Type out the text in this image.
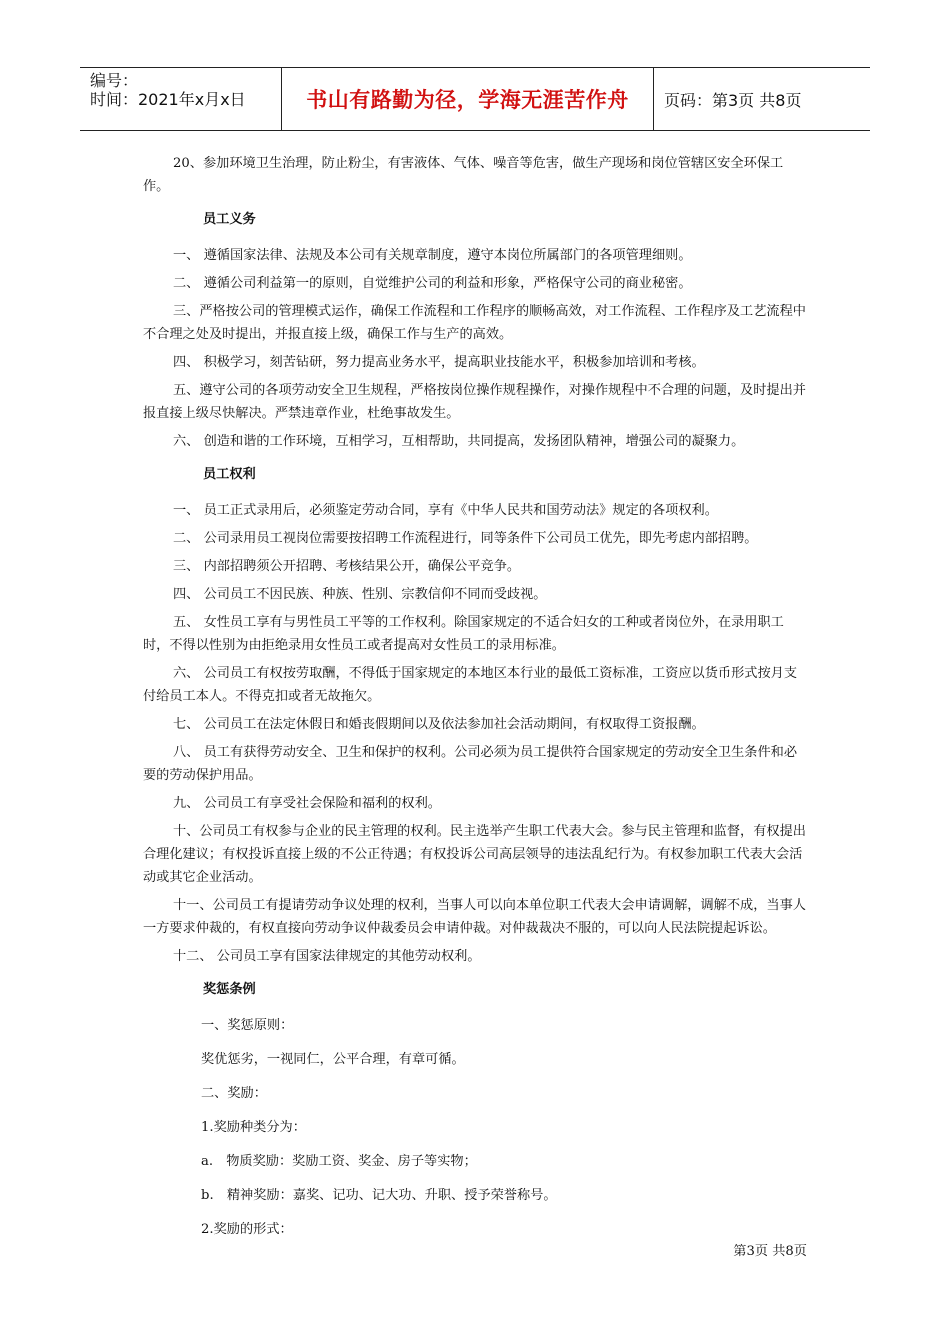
编号：
时间：2021年x月x日	书山有路勤为径，学海无涯苦作舟	页码：第3页 共8页

20、参加环境卫生治理，防止粉尘，有害液体、气体、噪音等危害，做生产现场和岗位管辖区安全环保工作。

员工义务

一、 遵循国家法律、法规及本公司有关规章制度，遵守本岗位所属部门的各项管理细则。

二、 遵循公司利益第一的原则，自觉维护公司的利益和形象，严格保守公司的商业秘密。

三、严格按公司的管理模式运作，确保工作流程和工作程序的顺畅高效，对工作流程、工作程序及工艺流程中不合理之处及时提出，并报直接上级，确保工作与生产的高效。

四、 积极学习，刻苦钻研，努力提高业务水平，提高职业技能水平，积极参加培训和考核。

五、遵守公司的各项劳动安全卫生规程，严格按岗位操作规程操作，对操作规程中不合理的问题，及时提出并报直接上级尽快解决。严禁违章作业，杜绝事故发生。

六、 创造和谐的工作环境，互相学习，互相帮助，共同提高，发扬团队精神，增强公司的凝聚力。

员工权利

一、 员工正式录用后，必须鉴定劳动合同，享有《中华人民共和国劳动法》规定的各项权利。

二、 公司录用员工视岗位需要按招聘工作流程进行，同等条件下公司员工优先，即先考虑内部招聘。

三、 内部招聘须公开招聘、考核结果公开，确保公平竞争。

四、 公司员工不因民族、种族、性别、宗教信仰不同而受歧视。

五、 女性员工享有与男性员工平等的工作权利。除国家规定的不适合妇女的工种或者岗位外，在录用职工时，不得以性别为由拒绝录用女性员工或者提高对女性员工的录用标准。

六、 公司员工有权按劳取酬，不得低于国家规定的本地区本行业的最低工资标准，工资应以货币形式按月支付给员工本人。不得克扣或者无故拖欠。

七、 公司员工在法定休假日和婚丧假期间以及依法参加社会活动期间，有权取得工资报酬。

八、 员工有获得劳动安全、卫生和保护的权利。公司必须为员工提供符合国家规定的劳动安全卫生条件和必要的劳动保护用品。

九、 公司员工有享受社会保险和福利的权利。

十、公司员工有权参与企业的民主管理的权利。民主选举产生职工代表大会。参与民主管理和监督，有权提出合理化建议；有权投诉直接上级的不公正待遇；有权投诉公司高层领导的违法乱纪行为。有权参加职工代表大会活动或其它企业活动。

十一、公司员工有提请劳动争议处理的权利，当事人可以向本单位职工代表大会申请调解，调解不成，当事人一方要求仲裁的，有权直接向劳动争议仲裁委员会申请仲裁。对仲裁裁决不服的，可以向人民法院提起诉讼。

十二、 公司员工享有国家法律规定的其他劳动权利。

奖惩条例

一、奖惩原则：

奖优惩劣，一视同仁，公平合理，有章可循。

二、奖励：

1.奖励种类分为：

a.　物质奖励：奖励工资、奖金、房子等实物；

b.　精神奖励：嘉奖、记功、记大功、升职、授予荣誉称号。

2.奖励的形式：

第3页 共8页
